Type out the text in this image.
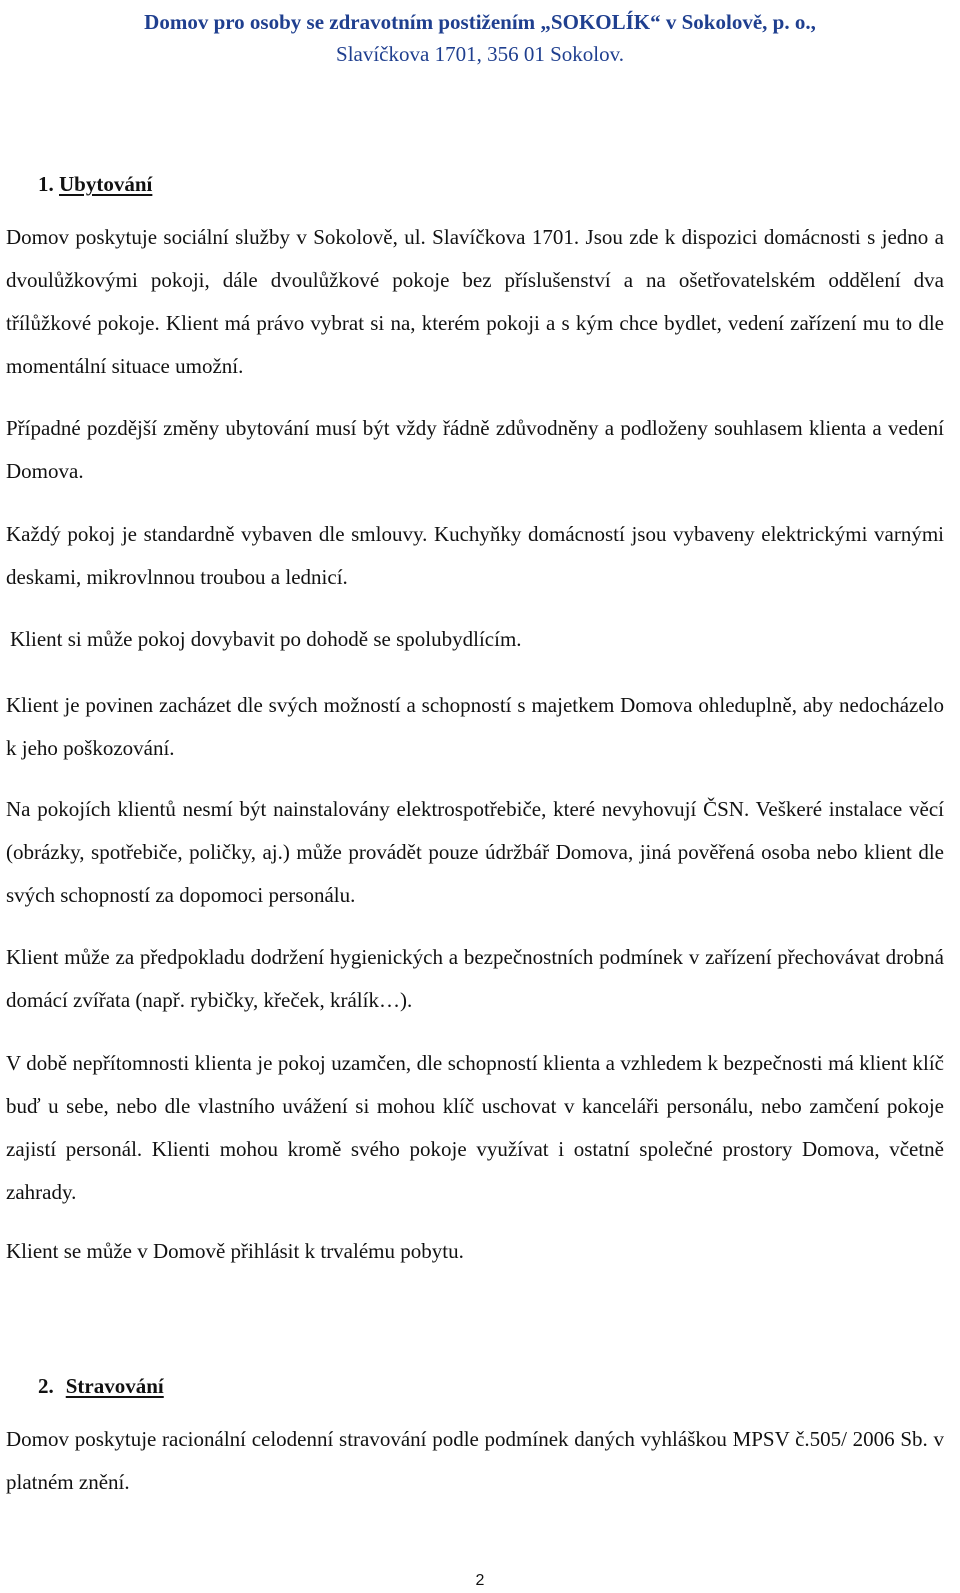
Domov pro osoby se zdravotním postižením „SOKOLÍK“ v Sokolově, p. o.,
Slavíčkova 1701, 356 01 Sokolov.
1. Ubytování
Domov poskytuje sociální služby v Sokolově, ul. Slavíčkova 1701. Jsou zde k dispozici domácnosti s jedno a dvoulůžkovými pokoji, dále dvoulůžkové pokoje bez příslušenství a na ošetřovatelském oddělení dva třílůžkové pokoje. Klient má právo vybrat si na, kterém pokoji a s kým chce bydlet, vedení zařízení mu to dle momentální situace umožní.
Případné pozdější změny ubytování musí být vždy řádně zdůvodněny a podloženy souhlasem klienta a vedení Domova.
Každý pokoj je standardně vybaven dle smlouvy. Kuchyňky domácností jsou vybaveny elektrickými varnými deskami, mikrovlnnou troubou a lednicí.
Klient si může pokoj dovybavit po dohodě se spolubydlícím.
Klient je povinen zacházet dle svých možností a schopností s majetkem Domova ohleduplně, aby nedocházelo k jeho poškozování.
Na pokojích klientů nesmí být nainstalovány elektrospotřebiče, které nevyhovují ČSN. Veškeré instalace věcí (obrázky, spotřebiče, poličky, aj.) může provádět pouze údržbář Domova, jiná pověřená osoba nebo klient dle svých schopností za dopomoci personálu.
Klient může za předpokladu dodržení hygienických a bezpečnostních podmínek v zařízení přechovávat drobná domácí zvířata (např. rybičky, křeček, králík…).
V době nepřítomnosti klienta je pokoj uzamčen, dle schopností klienta a vzhledem k bezpečnosti má klient klíč buď u sebe, nebo dle vlastního uvážení si mohou klíč uschovat v kanceláři personálu, nebo zamčení pokoje zajistí personál. Klienti mohou kromě svého pokoje využívat i ostatní společné prostory Domova, včetně zahrady.
Klient se může v Domově přihlásit k trvalému pobytu.
2. Stravování
Domov poskytuje racionální celodenní stravování podle podmínek daných vyhláškou MPSV č.505/ 2006 Sb. v platném znění.
2
